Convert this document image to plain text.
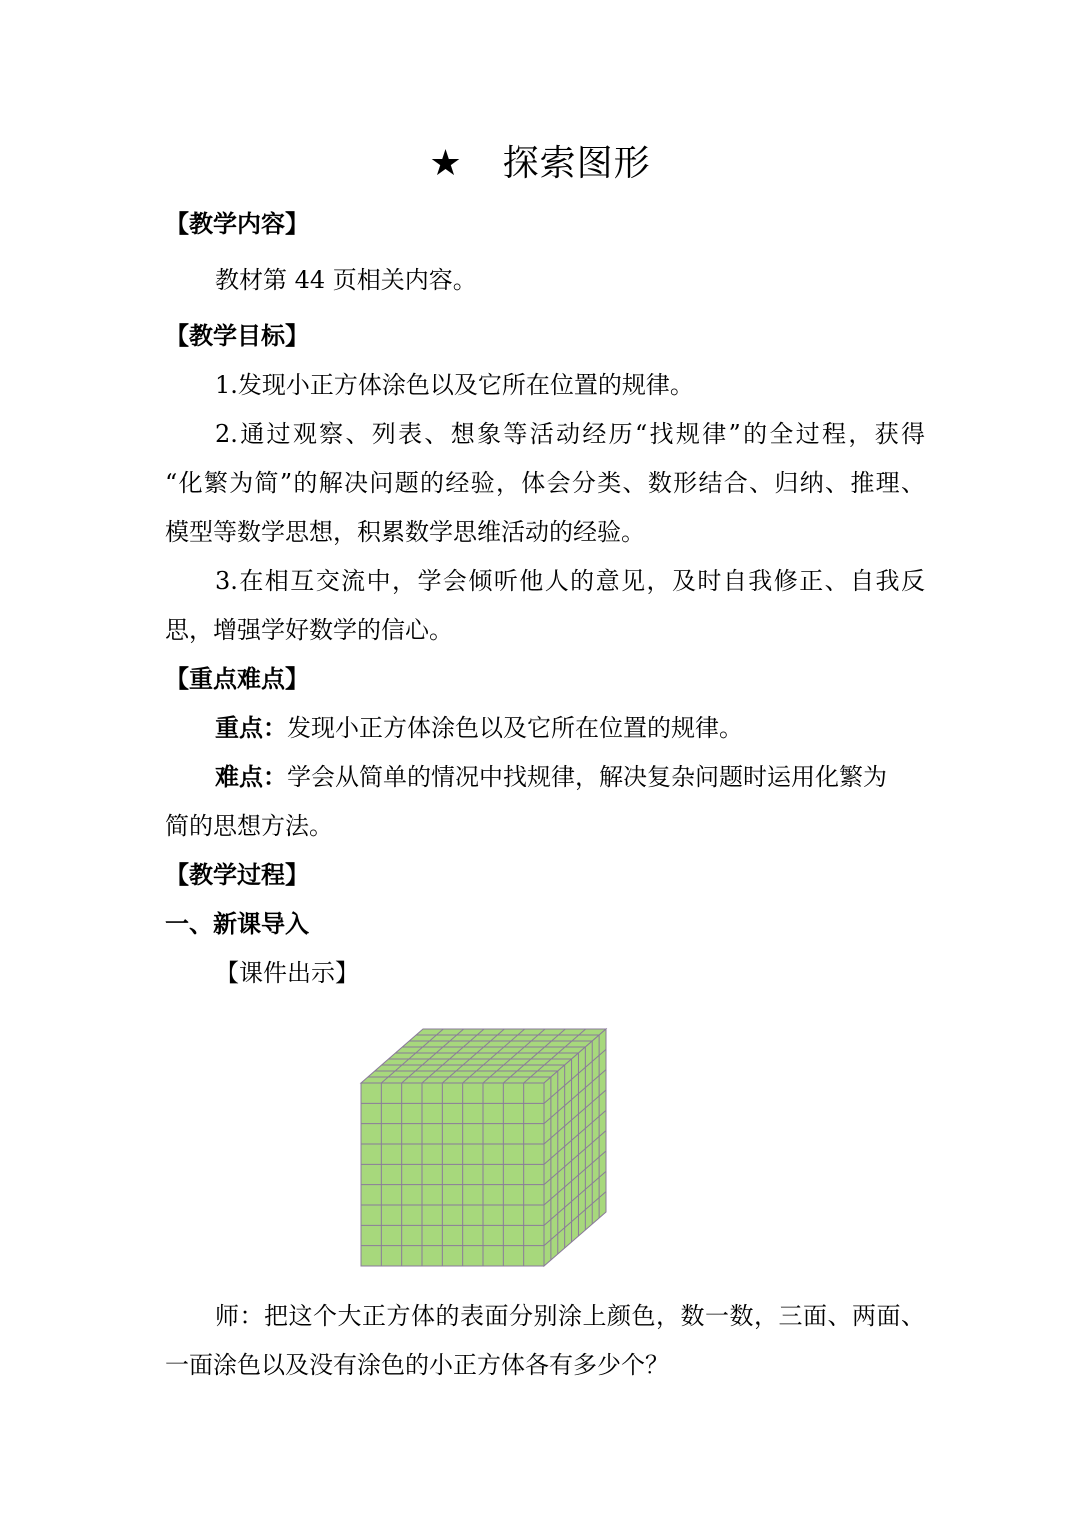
★ 探索图形
【教学内容】
教材第 44 页相关内容。
【教学目标】
1.发现小正方体涂色以及它所在位置的规律。
2.通过观察、列表、想象等活动经历“找规律”的全过程，获得
“化繁为简”的解决问题的经验，体会分类、数形结合、归纳、推理、
模型等数学思想，积累数学思维活动的经验。
3.在相互交流中，学会倾听他人的意见，及时自我修正、自我反
思，增强学好数学的信心。
【重点难点】
重点：发现小正方体涂色以及它所在位置的规律。
难点：学会从简单的情况中找规律，解决复杂问题时运用化繁为
简的思想方法。
【教学过程】
一、新课导入
【课件出示】
师：把这个大正方体的表面分别涂上颜色，数一数，三面、两面、
一面涂色以及没有涂色的小正方体各有多少个？
